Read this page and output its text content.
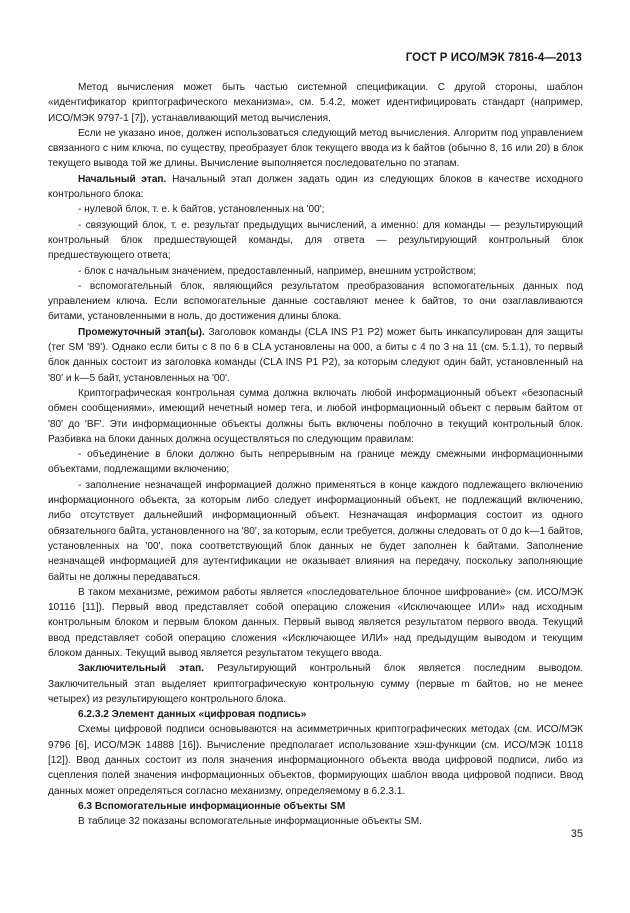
ГОСТ Р ИСО/МЭК 7816-4—2013

Метод вычисления может быть частью системной спецификации. С другой стороны, шаблон «идентификатор криптографического механизма», см. 5.4.2, может идентифицировать стандарт (например, ИСО/МЭК 9797-1 [7]), устанавливающий метод вычисления.

Если не указано иное, должен использоваться следующий метод вычисления. Алгоритм под управлением связанного с ним ключа, по существу, преобразует блок текущего ввода из k байтов (обычно 8, 16 или 20) в блок текущего вывода той же длины. Вычисление выполняется последовательно по этапам.

Начальный этап. Начальный этап должен задать один из следующих блоков в качестве исходного контрольного блока:

- нулевой блок, т. е. k байтов, установленных на '00';

- связующий блок, т. е. результат предыдущих вычислений, а именно: для команды — результирующий контрольный блок предшествующей команды, для ответа — результирующий контрольный блок предшествующего ответа;

- блок с начальным значением, предоставленный, например, внешним устройством;

- вспомогательный блок, являющийся результатом преобразования вспомогательных данных под управлением ключа. Если вспомогательные данные составляют менее k байтов, то они озаглавливаются битами, установленными в ноль, до достижения длины блока.

Промежуточный этап(ы). Заголовок команды (CLA INS P1 P2) может быть инкапсулирован для защиты (тег SM '89'). Однако если биты с 8 по 6 в CLA установлены на 000, а биты с 4 по 3 на 11 (см. 5.1.1), то первый блок данных состоит из заголовка команды (CLA INS P1 P2), за которым следуют один байт, установленный на '80' и k—5 байт, установленных на '00'.

Криптографическая контрольная сумма должна включать любой информационный объект «безопасный обмен сообщениями», имеющий нечетный номер тега, и любой информационный объект с первым байтом от '80' до 'BF'. Эти информационные объекты должны быть включены поблочно в текущий контрольный блок. Разбивка на блоки данных должна осуществляться по следующим правилам:

- объединение в блоки должно быть непрерывным на границе между смежными информационными объектами, подлежащими включению;

- заполнение незначащей информацией должно применяться в конце каждого подлежащего включению информационного объекта, за которым либо следует информационный объект, не подлежащий включению, либо отсутствует дальнейший информационный объект. Незначащая информация состоит из одного обязательного байта, установленного на '80', за которым, если требуется, должны следовать от 0 до k—1 байтов, установленных на '00', пока соответствующий блок данных не будет заполнен k байтами. Заполнение незначащей информацией для аутентификации не оказывает влияния на передачу, поскольку заполняющие байты не должны передаваться.

В таком механизме, режимом работы является «последовательное блочное шифрование» (см. ИСО/МЭК 10116 [11]). Первый ввод представляет собой операцию сложения «Исключающее ИЛИ» над исходным контрольным блоком и первым блоком данных. Первый вывод является результатом первого ввода. Текущий ввод представляет собой операцию сложения «Исключающее ИЛИ» над предыдущим выводом и текущим блоком данных. Текущий вывод является результатом текущего ввода.

Заключительный этап. Результирующий контрольный блок является последним выводом. Заключительный этап выделяет криптографическую контрольную сумму (первые m байтов, но не менее четырех) из результирующего контрольного блока.

6.2.3.2 Элемент данных «цифровая подпись»

Схемы цифровой подписи основываются на асимметричных криптографических методах (см. ИСО/МЭК 9796 [6], ИСО/МЭК 14888 [16]). Вычисление предполагает использование хэш-функции (см. ИСО/МЭК 10118 [12]). Ввод данных состоит из поля значения информационного объекта ввода цифровой подписи, либо из сцепления полей значения информационных объектов, формирующих шаблон ввода цифровой подписи. Ввод данных может определяться согласно механизму, определяемому в 6.2.3.1.

6.3 Вспомогательные информационные объекты SM

В таблице 32 показаны вспомогательные информационные объекты SM.

35
